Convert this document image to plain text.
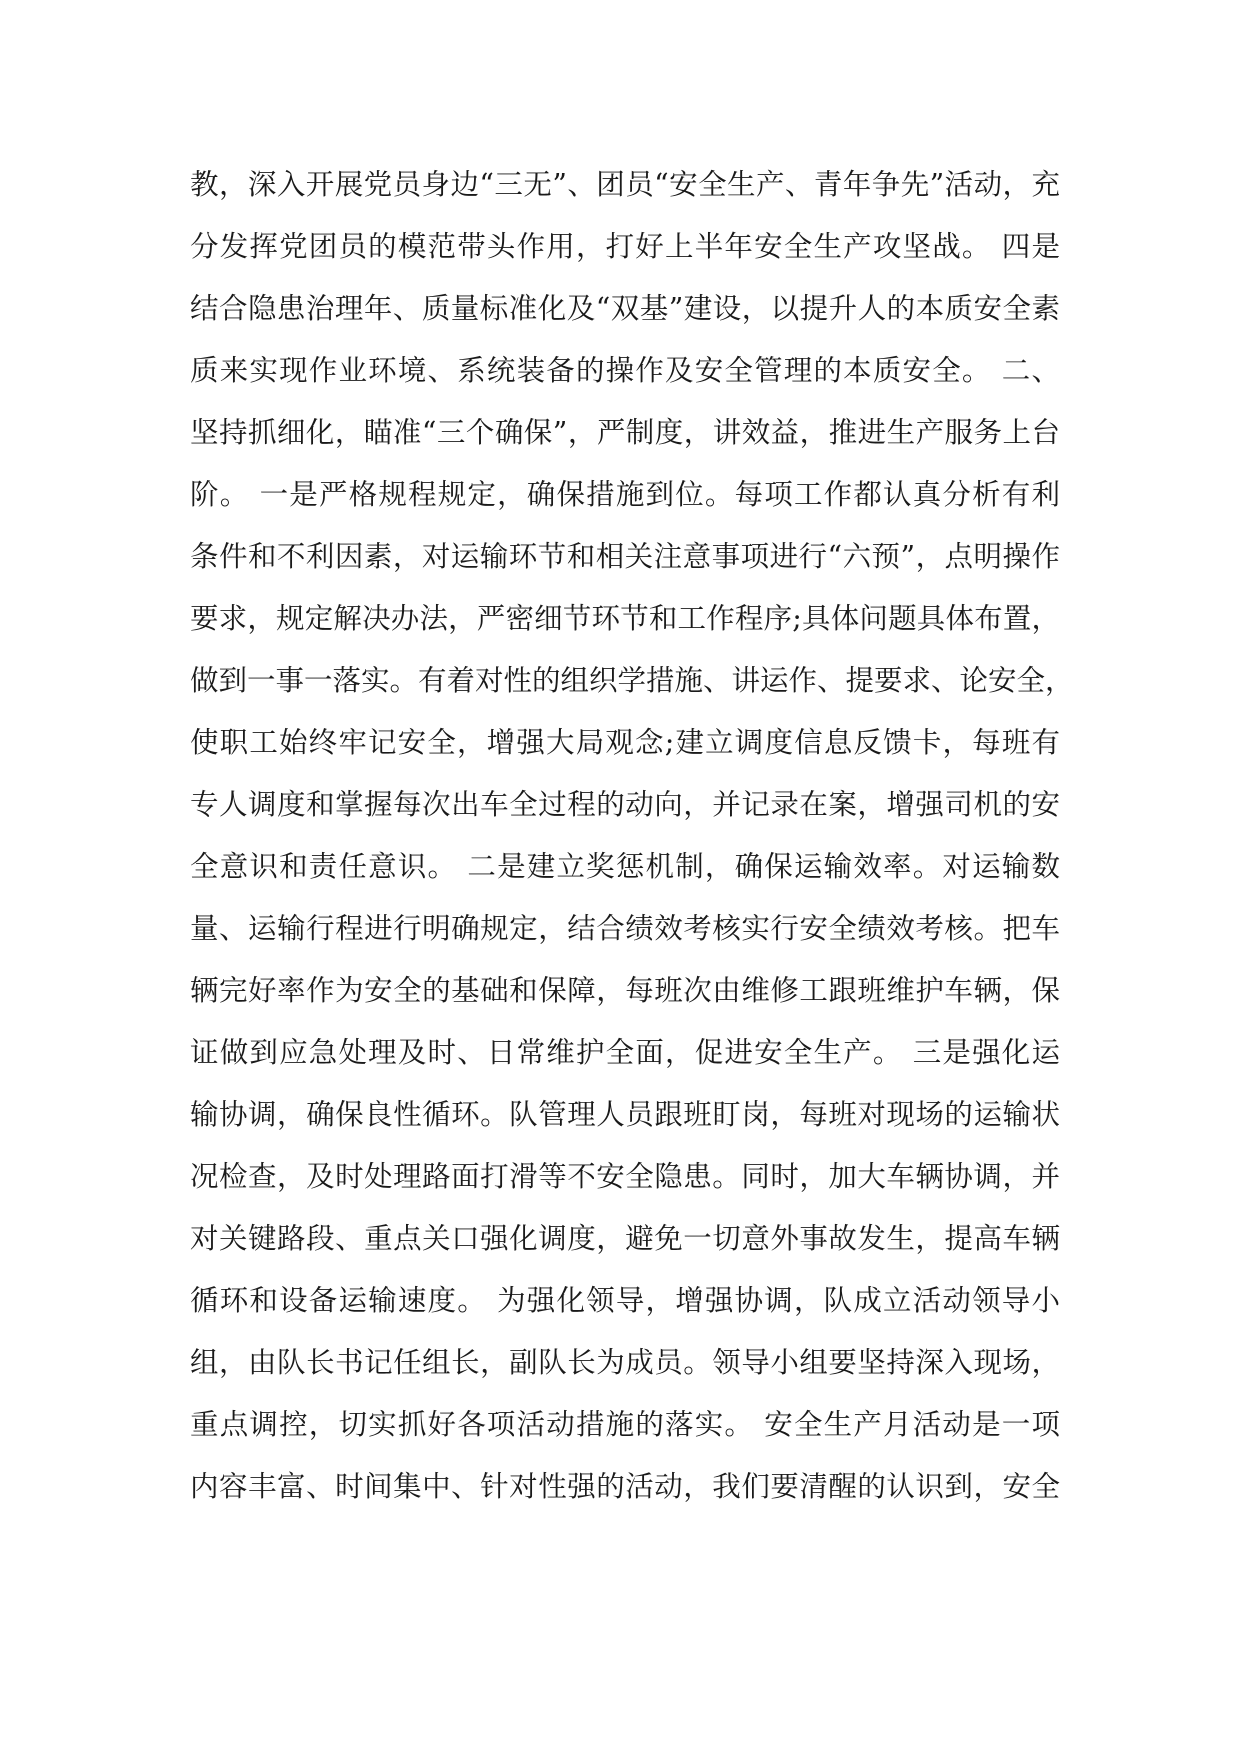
教，深入开展党员身边“三无”、团员“安全生产、青年争先”活动，充
分发挥党团员的模范带头作用，打好上半年安全生产攻坚战。 四是
结合隐患治理年、质量标准化及“双基”建设，以提升人的本质安全素
质来实现作业环境、系统装备的操作及安全管理的本质安全。 二、
坚持抓细化，瞄准“三个确保”，严制度，讲效益，推进生产服务上台
阶。 一是严格规程规定，确保措施到位。每项工作都认真分析有利
条件和不利因素，对运输环节和相关注意事项进行“六预”，点明操作
要求，规定解决办法，严密细节环节和工作程序;具体问题具体布置，
做到一事一落实。有着对性的组织学措施、讲运作、提要求、论安全，
使职工始终牢记安全，增强大局观念;建立调度信息反馈卡，每班有
专人调度和掌握每次出车全过程的动向，并记录在案，增强司机的安
全意识和责任意识。 二是建立奖惩机制，确保运输效率。对运输数
量、运输行程进行明确规定，结合绩效考核实行安全绩效考核。把车
辆完好率作为安全的基础和保障，每班次由维修工跟班维护车辆，保
证做到应急处理及时、日常维护全面，促进安全生产。 三是强化运
输协调，确保良性循环。队管理人员跟班盯岗，每班对现场的运输状
况检查，及时处理路面打滑等不安全隐患。同时，加大车辆协调，并
对关键路段、重点关口强化调度，避免一切意外事故发生，提高车辆
循环和设备运输速度。 为强化领导，增强协调，队成立活动领导小
组，由队长书记任组长，副队长为成员。领导小组要坚持深入现场，
重点调控，切实抓好各项活动措施的落实。 安全生产月活动是一项
内容丰富、时间集中、针对性强的活动，我们要清醒的认识到，安全
